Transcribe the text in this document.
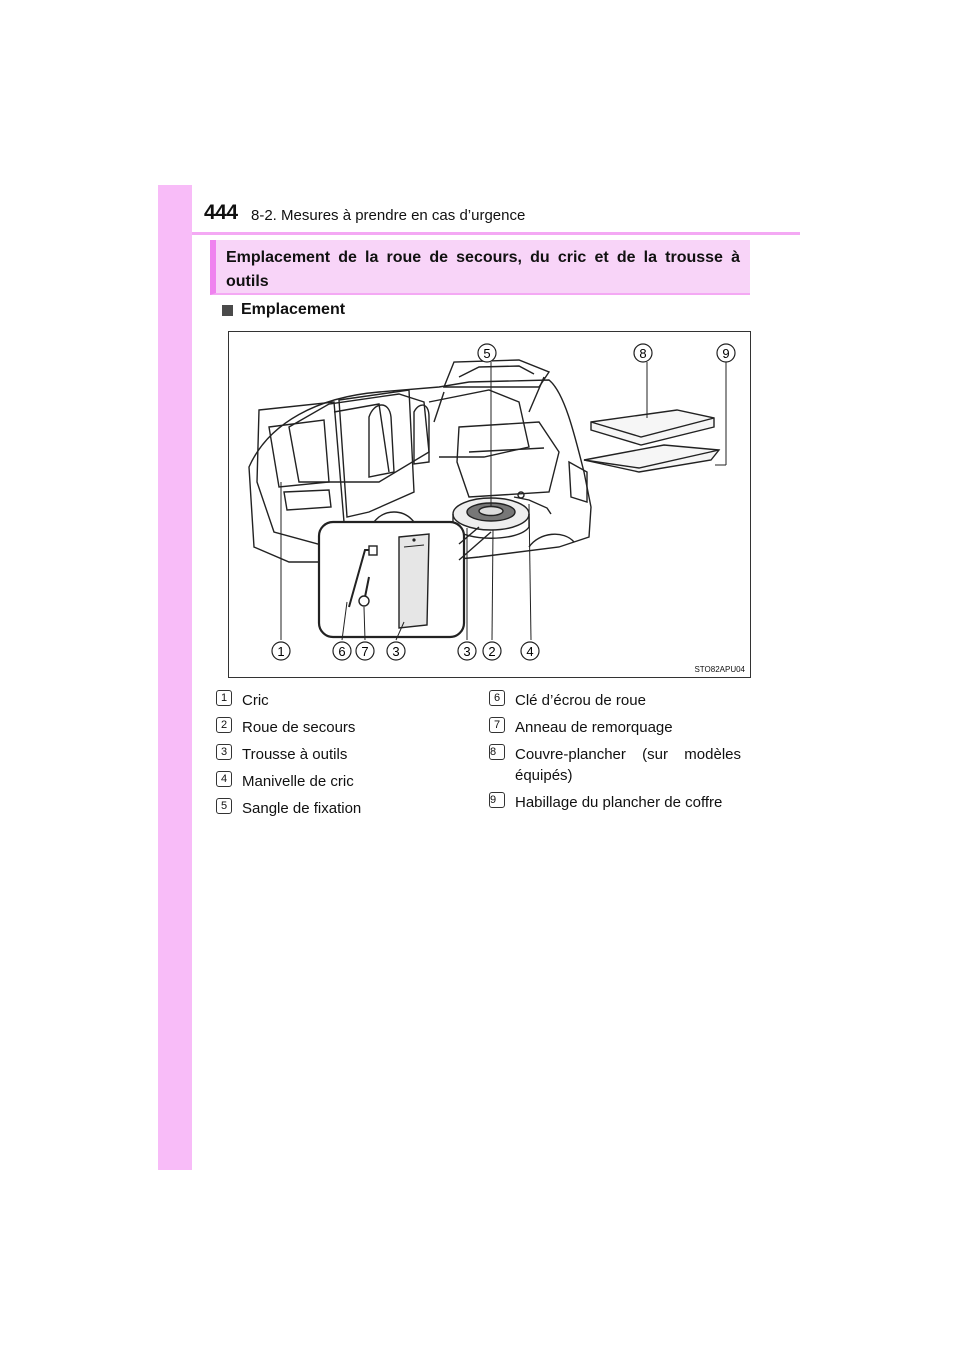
444 8-2. Mesures à prendre en cas d’urgence
Emplacement de la roue de secours, du cric et de la trousse à outils
Emplacement
5	8	9
1	6 7 3	3 2 4
STO82APU04
1 Cric
2 Roue de secours
3 Trousse à outils
4 Manivelle de cric
5 Sangle de fixation
6 Clé d’écrou de roue
7 Anneau de remorquage
8	Couvre-plancher (sur modèles équipés)
9	Habillage du plancher de coffre
